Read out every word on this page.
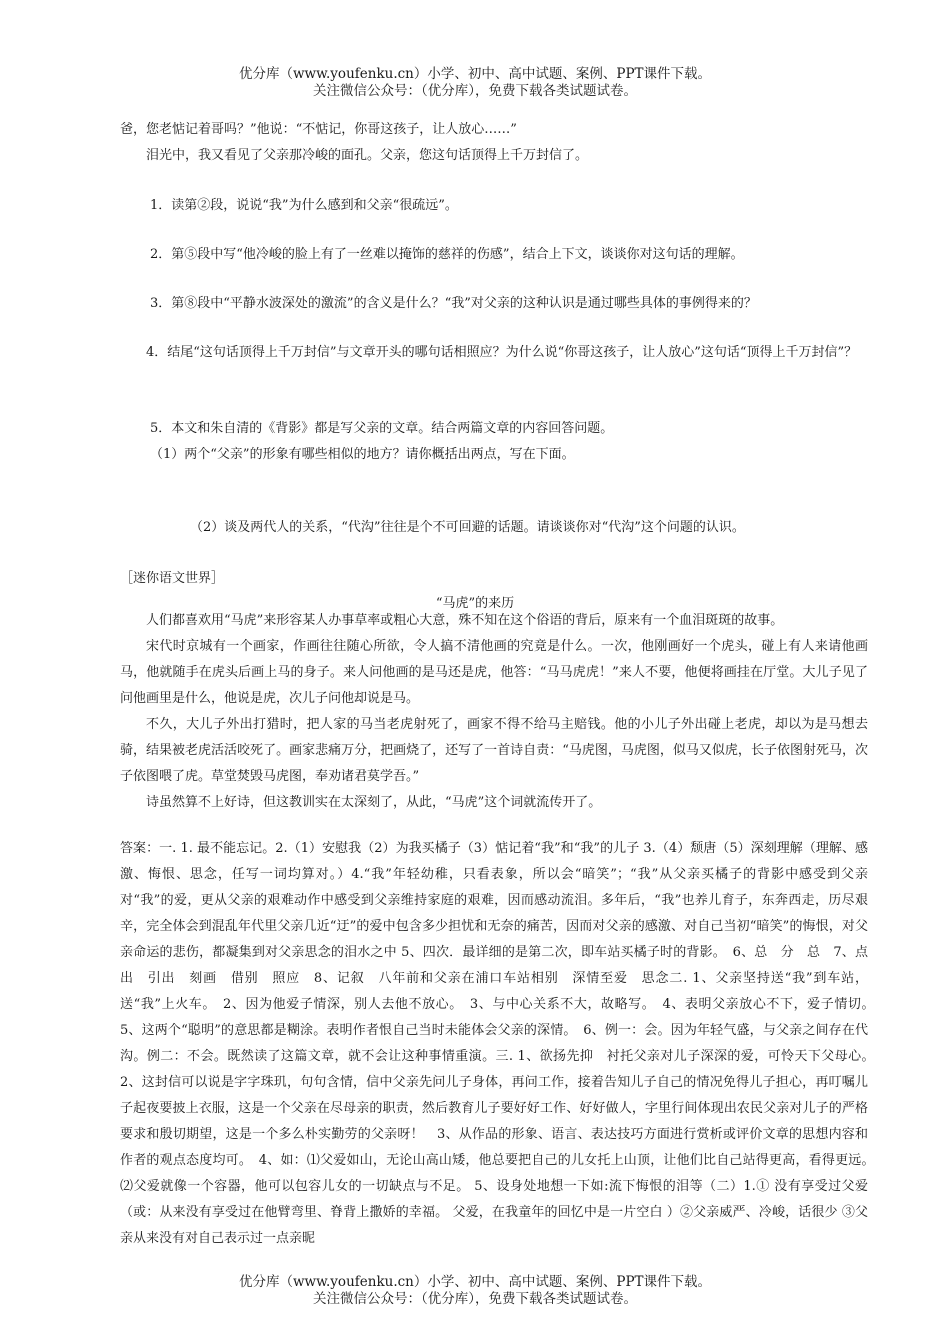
优分库（www.youfenku.cn）小学、初中、高中试题、案例、PPT课件下载。
关注微信公众号：（优分库），免费下载各类试题试卷。
爸，您老惦记着哥吗？”他说：“不惦记，你哥这孩子，让人放心……”
泪光中，我又看见了父亲那冷峻的面孔。父亲，您这句话顶得上千万封信了。
1．读第②段，说说“我”为什么感到和父亲“很疏远”。
2．第⑤段中写“他冷峻的脸上有了一丝难以掩饰的慈祥的伤感”，结合上下文，谈谈你对这句话的理解。
3．第⑧段中“平静水波深处的激流”的含义是什么？“我”对父亲的这种认识是通过哪些具体的事例得来的？

4．结尾“这句话顶得上千万封信”与文章开头的哪句话相照应？为什么说“你哥这孩子，让人放心”这句话“顶得上千万封信”？

5．本文和朱自清的《背影》都是写父亲的文章。结合两篇文章的内容回答问题。
（1）两个“父亲”的形象有哪些相似的地方？请你概括出两点，写在下面。
（2）谈及两代人的关系，“代沟”往往是个不可回避的话题。请谈谈你对“代沟”这个问题的认识。
［迷你语文世界］
“马虎”的来历

人们都喜欢用“马虎”来形容某人办事草率或粗心大意，殊不知在这个俗语的背后，原来有一个血泪斑斑的故事。

宋代时京城有一个画家，作画往往随心所欲，令人搞不清他画的究竟是什么。一次，他刚画好一个虎头，碰上有人来请他画马，他就随手在虎头后画上马的身子。来人问他画的是马还是虎，他答：“马马虎虎！”来人不要，他便将画挂在厅堂。大儿子见了问他画里是什么，他说是虎，次儿子问他却说是马。

不久，大儿子外出打猎时，把人家的马当老虎射死了，画家不得不给马主赔钱。他的小儿子外出碰上老虎，却以为是马想去骑，结果被老虎活活咬死了。画家悲痛万分，把画烧了，还写了一首诗自责：“马虎图，马虎图，似马又似虎，长子依图射死马，次子依图喂了虎。草堂焚毁马虎图，奉劝诸君莫学吾。”

诗虽然算不上好诗，但这教训实在太深刻了，从此，“马虎”这个词就流传开了。

答案：一. 1. 最不能忘记。2.（1）安慰我（2）为我买橘子（3）惦记着“我”和“我”的儿子 3.（4）颓唐（5）深刻理解（理解、感激、悔恨、思念，任写一词均算对。）4.“我”年轻幼稚，只看表象，所以会“暗笑”；“我”从父亲买橘子的背影中感受到父亲对“我”的爱，更从父亲的艰难动作中感受到父亲维持家庭的艰难，因而感动流泪。多年后，“我”也养儿育子，东奔西走，历尽艰辛，完全体会到混乱年代里父亲几近“迂”的爱中包含多少担忧和无奈的痛苦，因而对父亲的感激、对自己当初“暗笑”的悔恨，对父亲命运的悲伤，都凝集到对父亲思念的泪水之中 5、四次．最详细的是第二次，即车站买橘子时的背影。　6、总　分　总　7、点出　引出　刻画　借别　照应　8、记叙　八年前和父亲在浦口车站相别　深情至爱　思念二. 1、父亲坚持送“我”到车站，送“我”上火车。　2、因为他爱子情深，别人去他不放心。　3、与中心关系不大，故略写。　4、表明父亲放心不下，爱子情切。　　5、这两个“聪明”的意思都是糊涂。表明作者恨自己当时未能体会父亲的深情。　6、例一：会。因为年轻气盛，与父亲之间存在代沟。例二：不会。既然读了这篇文章，就不会让这种事情重演。三. 1、欲扬先抑　衬托父亲对儿子深深的爱，可怜天下父母心。　2、这封信可以说是字字珠玑，句句含情，信中父亲先问儿子身体，再问工作，接着告知儿子自己的情况免得儿子担心，再叮嘱儿子起夜要披上衣服，这是一个父亲在尽母亲的职责，然后教育儿子要好好工作、好好做人，字里行间体现出农民父亲对儿子的严格要求和殷切期望，这是一个多么朴实勤劳的父亲呀！　3、从作品的形象、语言、表达技巧方面进行赏析或评价文章的思想内容和作者的观点态度均可。　4、如：⑴父爱如山，无论山高山矮，他总要把自己的儿女托上山顶，让他们比自己站得更高，看得更远。　⑵父爱就像一个容器，他可以包容儿女的一切缺点与不足。 5、设身处地想一下如:流下悔恨的泪等（二）1.① 没有享受过父爱（或：从来没有享受过在他臂弯里、脊背上撒娇的幸福。 父爱，在我童年的回忆中是一片空白 ）②父亲威严、冷峻，话很少 ③父亲从来没有对自己表示过一点亲昵

优分库（www.youfenku.cn）小学、初中、高中试题、案例、PPT课件下载。
关注微信公众号：（优分库），免费下载各类试题试卷。
